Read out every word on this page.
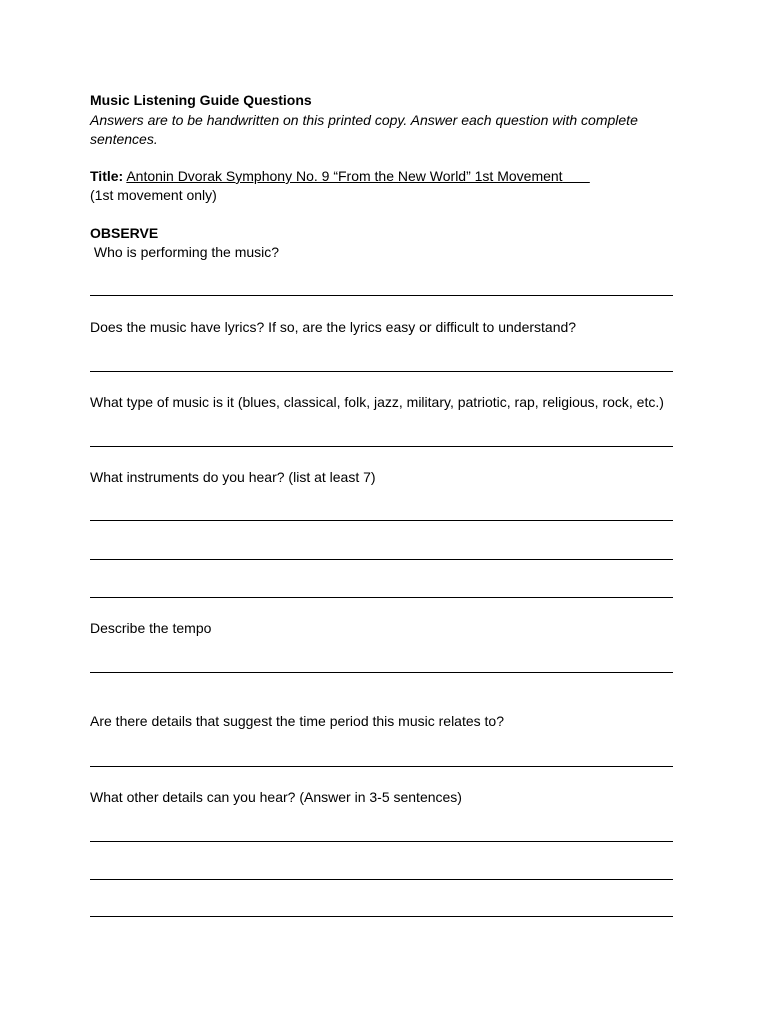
Music Listening Guide Questions
Answers are to be handwritten on this printed copy. Answer each question with complete
sentences.
Title: Antonin Dvorak Symphony No. 9 “From the New World” 1st Movement
(1st movement only)
OBSERVE
Who is performing the music?
Does the music have lyrics? If so, are the lyrics easy or difficult to understand?
What type of music is it (blues, classical, folk, jazz, military, patriotic, rap, religious, rock, etc.)
What instruments do you hear? (list at least 7)
Describe the tempo
Are there details that suggest the time period this music relates to?
What other details can you hear? (Answer in 3-5 sentences)
